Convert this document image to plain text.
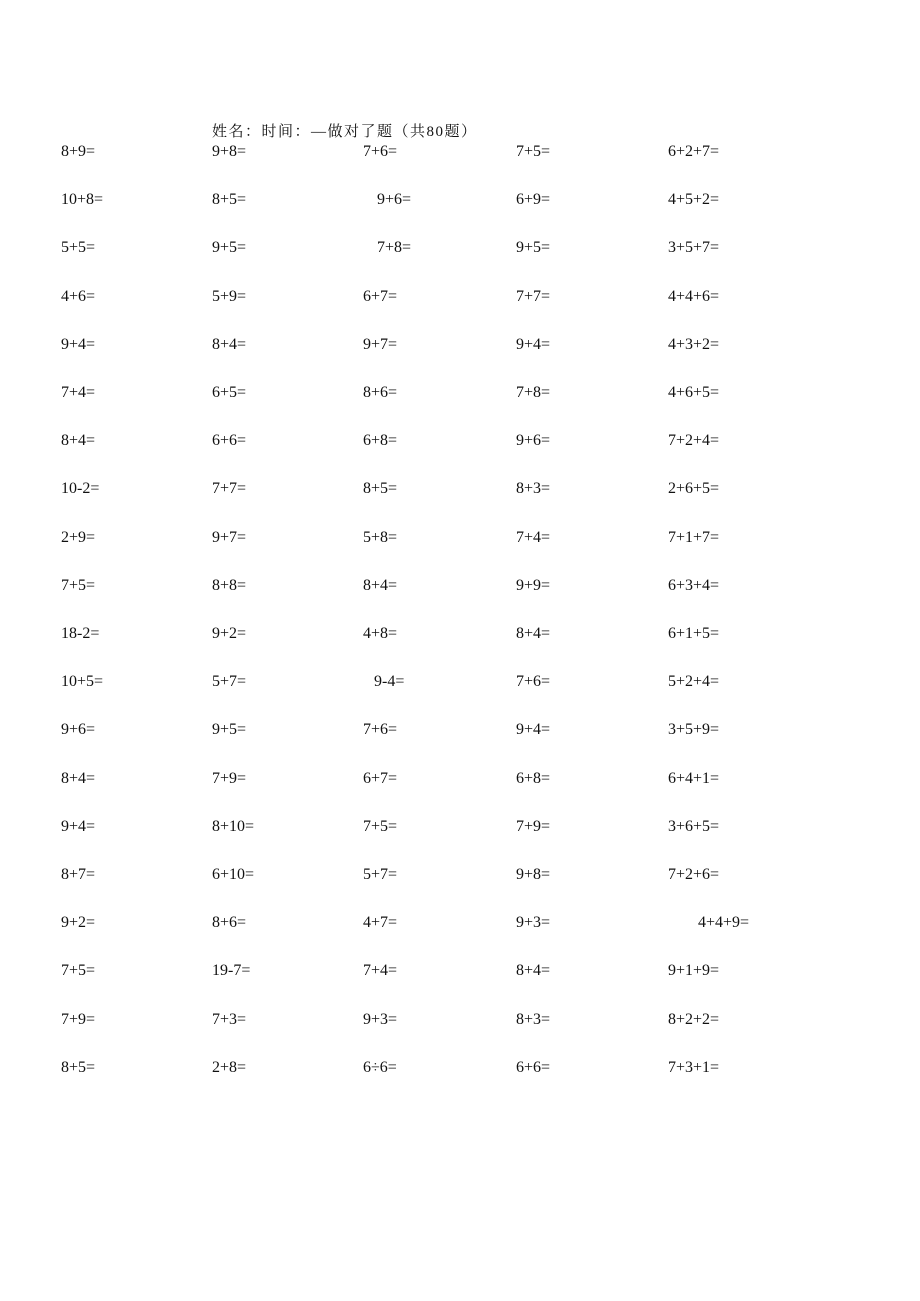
姓名：时间：—做对了题（共80题）
8+9=	9+8=	7+6=	7+5=	6+2+7=
10+8=	8+5=	9+6=	6+9=	4+5+2=
5+5=	9+5=	7+8=	9+5=	3+5+7=
4+6=	5+9=	6+7=	7+7=	4+4+6=
9+4=	8+4=	9+7=	9+4=	4+3+2=
7+4=	6+5=	8+6=	7+8=	4+6+5=
8+4=	6+6=	6+8=	9+6=	7+2+4=
10-2=	7+7=	8+5=	8+3=	2+6+5=
2+9=	9+7=	5+8=	7+4=	7+1+7=
7+5=	8+8=	8+4=	9+9=	6+3+4=
18-2=	9+2=	4+8=	8+4=	6+1+5=
10+5=	5+7=	9-4=	7+6=	5+2+4=
9+6=	9+5=	7+6=	9+4=	3+5+9=
8+4=	7+9=	6+7=	6+8=	6+4+1=
9+4=	8+10=	7+5=	7+9=	3+6+5=
8+7=	6+10=	5+7=	9+8=	7+2+6=
9+2=	8+6=	4+7=	9+3=	4+4+9=
7+5=	19-7=	7+4=	8+4=	9+1+9=
7+9=	7+3=	9+3=	8+3=	8+2+2=
8+5=	2+8=	6÷6=	6+6=	7+3+1=
